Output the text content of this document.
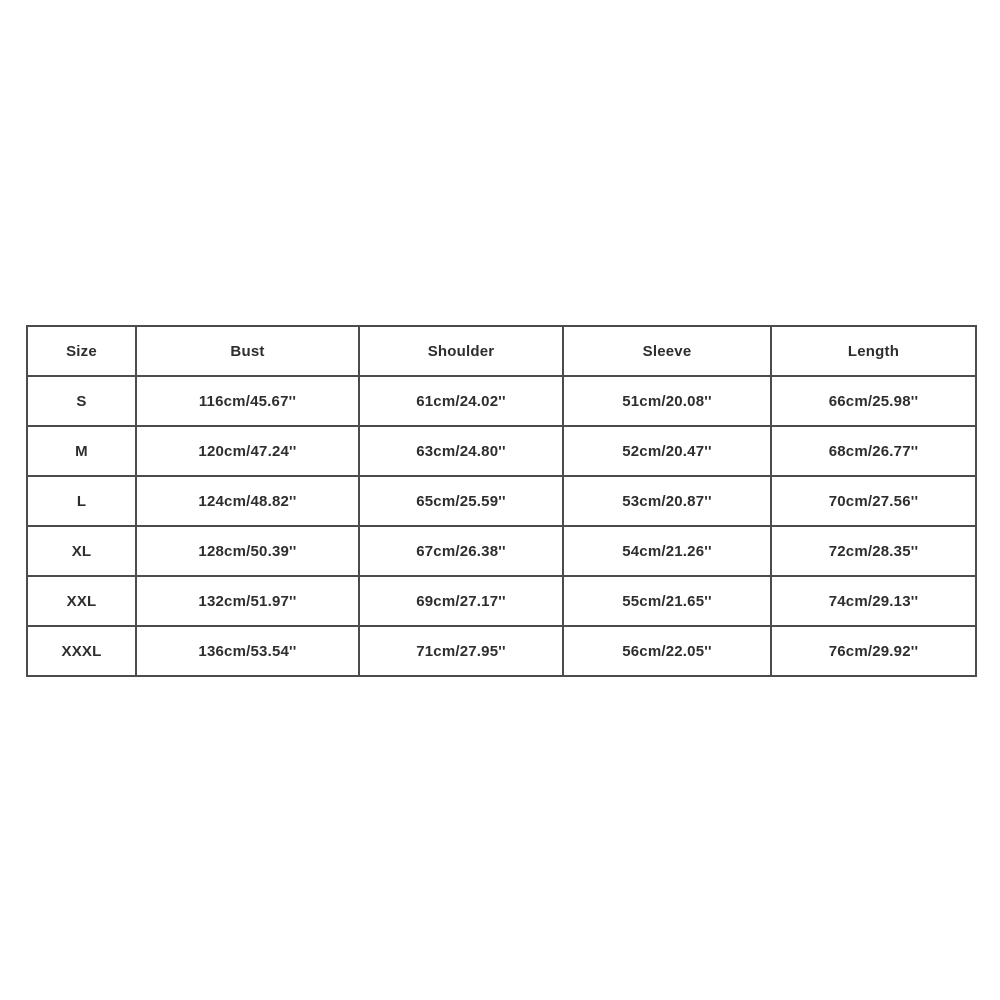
Size	Bust	Shoulder	Sleeve	Length
S	116cm/45.67''	61cm/24.02''	51cm/20.08''	66cm/25.98''
M	120cm/47.24''	63cm/24.80''	52cm/20.47''	68cm/26.77''
L	124cm/48.82''	65cm/25.59''	53cm/20.87''	70cm/27.56''
XL	128cm/50.39''	67cm/26.38''	54cm/21.26''	72cm/28.35''
XXL	132cm/51.97''	69cm/27.17''	55cm/21.65''	74cm/29.13''
XXXL	136cm/53.54''	71cm/27.95''	56cm/22.05''	76cm/29.92''
